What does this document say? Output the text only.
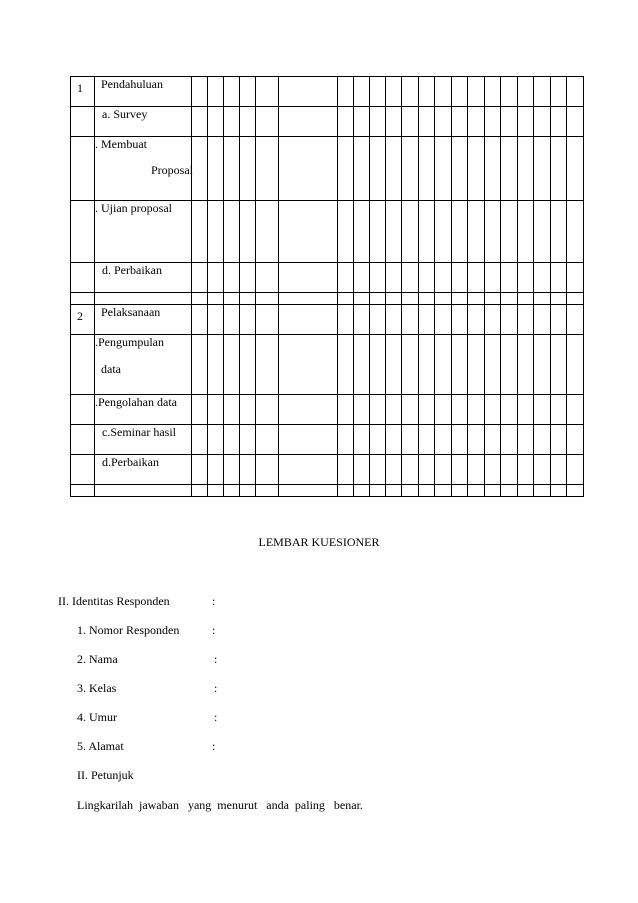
1	Pendahuluan																					

	a. Survey																					

	. Membuat
Proposal																					

	. Ujian proposal																					

	d. Perbaikan																					

2	Pelaksanaan																					

	.Pengumpulan
data																					

	.Pengolahan data																					

	c.Seminar hasil																					

	d.Perbaikan																					

LEMBAR KUESIONER
II. Identitas Responden	:
1. Nomor Responden	:
2. Nama	:
3. Kelas	:
4. Umur	:
5. Alamat	:
II. Petunjuk
Lingkarilah  jawaban   yang  menurut   anda  paling   benar.
